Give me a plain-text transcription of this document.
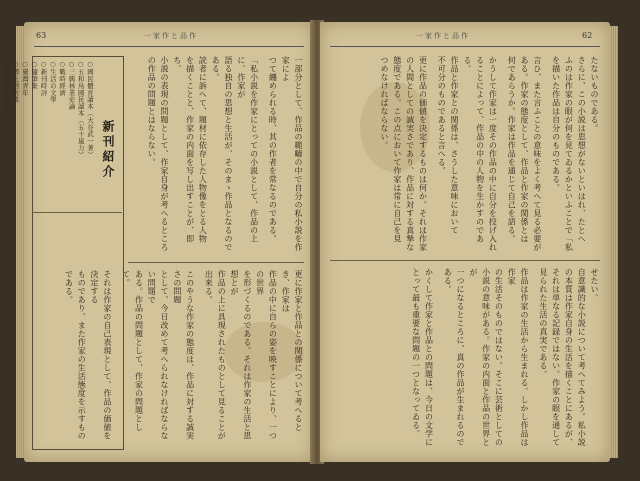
63	一家作と品作
一部分として、作品の範疇の中で自分の私小説を作家によ
つて纏められる時、其の作者を常なるのである。
「私小説を作家にとっての小説として、作品の上に、作家が
語る独自の思想と生活が、そのまゝ作品となるのである。
読者に訴へて、題材に依存した人物像をとる人物
を描くことと、作家の内面を写し出すことが、即ち、
小説の表現の問題として、作家自身が考へるところ
の作品の問題とはならない。
更に作家と作品との関係について考へるとき、作家は
作品の中に自らの姿を映すことにより、一つの世界
を形づくるのである。それは作家の生活と思想とが
作品の上に具現されたものとして見ることが出来る。
このやうな作家の態度は、作品に対する誠実さの問題
として、今日改めて考へられなければならない問題で
ある。作品の問題として、作家の問題として。
それは作家の自己表現として、作品の価値を決定する
ものであり、また作家の生活態度を示すものである。
新刊紹介
○國民體育讀本（大谷武一著）
○五和鳥國民讀本（五十嵐力）
○三興林業史論
○戰時經濟
○生活の文學
○新刊時評
○隨筆集
○臺灣青年
○郷土藝術集
○軍國少年讀本
一家作と品作	62
たないものである。
さらに、この小説は思想がないといはれ、たとへ
ふのは作家の眼が何を見てゐるかといふことで「私
を描いた作品は自分のものである。
言ひ、また言ふことの意味をよく考へて見る必要が
ある。作家の態度として、作品と作家の関係とは
何であらうか。作家は作品を通じて自己を語る。
かうして作家は一度その作品の中に自分を投げ入れ
ることによって、作品の中の人物を生かすのである。
作品と作家との関係は、さうした意味において
不可分のものであると言へる。
更に作品の価値を決定するものは何か。それは作家
の人間としての誠実さであり、作品に対する真摯な
態度である。この点において作家は常に自己を見
つめなければならない。
せたい。
自意識的な小説について考へてみよう。私小説
の本質は作家自身の生活を描くことにあるが、
それは単なる記録ではない。作家の眼を通して
見られた生活の真実である。
作品は作家の生活から生まれる。しかし作品は作家
の生活そのものではない。そこに芸術としての
小説の意味がある。作家の内面と作品の世界とが
一つになるところに、真の作品が生まれるのである。
かくして作家と作品との問題は、今日の文学に
とって最も重要な問題の一つとなってゐる。
